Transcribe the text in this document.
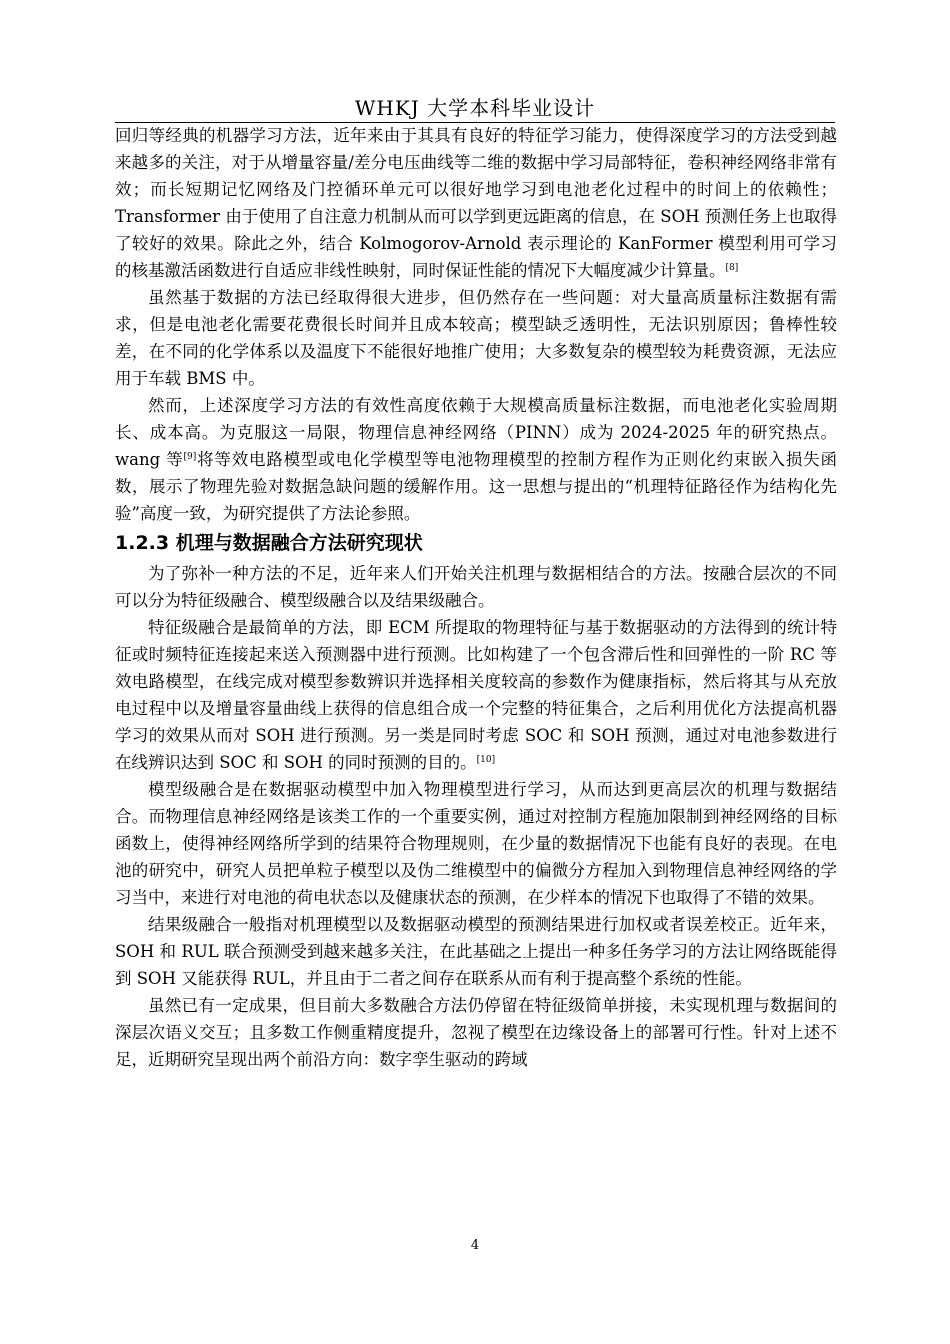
WHKJ 大学本科毕业设计

回归等经典的机器学习方法，近年来由于其具有良好的特征学习能力，使得深度学习的方法受到越来越多的关注，对于从增量容量/差分电压曲线等二维的数据中学习局部特征，卷积神经网络非常有效；而长短期记忆网络及门控循环单元可以很好地学习到电池老化过程中的时间上的依赖性；Transformer 由于使用了自注意力机制从而可以学到更远距离的信息，在 SOH 预测任务上也取得了较好的效果。除此之外，结合 Kolmogorov-Arnold 表示理论的 KanFormer 模型利用可学习的核基激活函数进行自适应非线性映射，同时保证性能的情况下大幅度减少计算量。[8]

虽然基于数据的方法已经取得很大进步，但仍然存在一些问题：对大量高质量标注数据有需求，但是电池老化需要花费很长时间并且成本较高；模型缺乏透明性，无法识别原因；鲁棒性较差，在不同的化学体系以及温度下不能很好地推广使用；大多数复杂的模型较为耗费资源，无法应用于车载 BMS 中。

然而，上述深度学习方法的有效性高度依赖于大规模高质量标注数据，而电池老化实验周期长、成本高。为克服这一局限，物理信息神经网络（PINN）成为 2024-2025 年的研究热点。wang 等[9]将等效电路模型或电化学模型等电池物理模型的控制方程作为正则化约束嵌入损失函数，展示了物理先验对数据急缺问题的缓解作用。这一思想与提出的“机理特征路径作为结构化先验”高度一致，为研究提供了方法论参照。

1.2.3 机理与数据融合方法研究现状

为了弥补一种方法的不足，近年来人们开始关注机理与数据相结合的方法。按融合层次的不同可以分为特征级融合、模型级融合以及结果级融合。

特征级融合是最简单的方法，即 ECM 所提取的物理特征与基于数据驱动的方法得到的统计特征或时频特征连接起来送入预测器中进行预测。比如构建了一个包含滞后性和回弹性的一阶 RC 等效电路模型，在线完成对模型参数辨识并选择相关度较高的参数作为健康指标，然后将其与从充放电过程中以及增量容量曲线上获得的信息组合成一个完整的特征集合，之后利用优化方法提高机器学习的效果从而对 SOH 进行预测。另一类是同时考虑 SOC 和 SOH 预测，通过对电池参数进行在线辨识达到 SOC 和 SOH 的同时预测的目的。[10]

模型级融合是在数据驱动模型中加入物理模型进行学习，从而达到更高层次的机理与数据结合。而物理信息神经网络是该类工作的一个重要实例，通过对控制方程施加限制到神经网络的目标函数上，使得神经网络所学到的结果符合物理规则，在少量的数据情况下也能有良好的表现。在电池的研究中，研究人员把单粒子模型以及伪二维模型中的偏微分方程加入到物理信息神经网络的学习当中，来进行对电池的荷电状态以及健康状态的预测，在少样本的情况下也取得了不错的效果。

结果级融合一般指对机理模型以及数据驱动模型的预测结果进行加权或者误差校正。近年来，SOH 和 RUL 联合预测受到越来越多关注，在此基础之上提出一种多任务学习的方法让网络既能得到 SOH 又能获得 RUL，并且由于二者之间存在联系从而有利于提高整个系统的性能。

虽然已有一定成果，但目前大多数融合方法仍停留在特征级简单拼接，未实现机理与数据间的深层次语义交互；且多数工作侧重精度提升，忽视了模型在边缘设备上的部署可行性。针对上述不足，近期研究呈现出两个前沿方向：数字孪生驱动的跨域

4
